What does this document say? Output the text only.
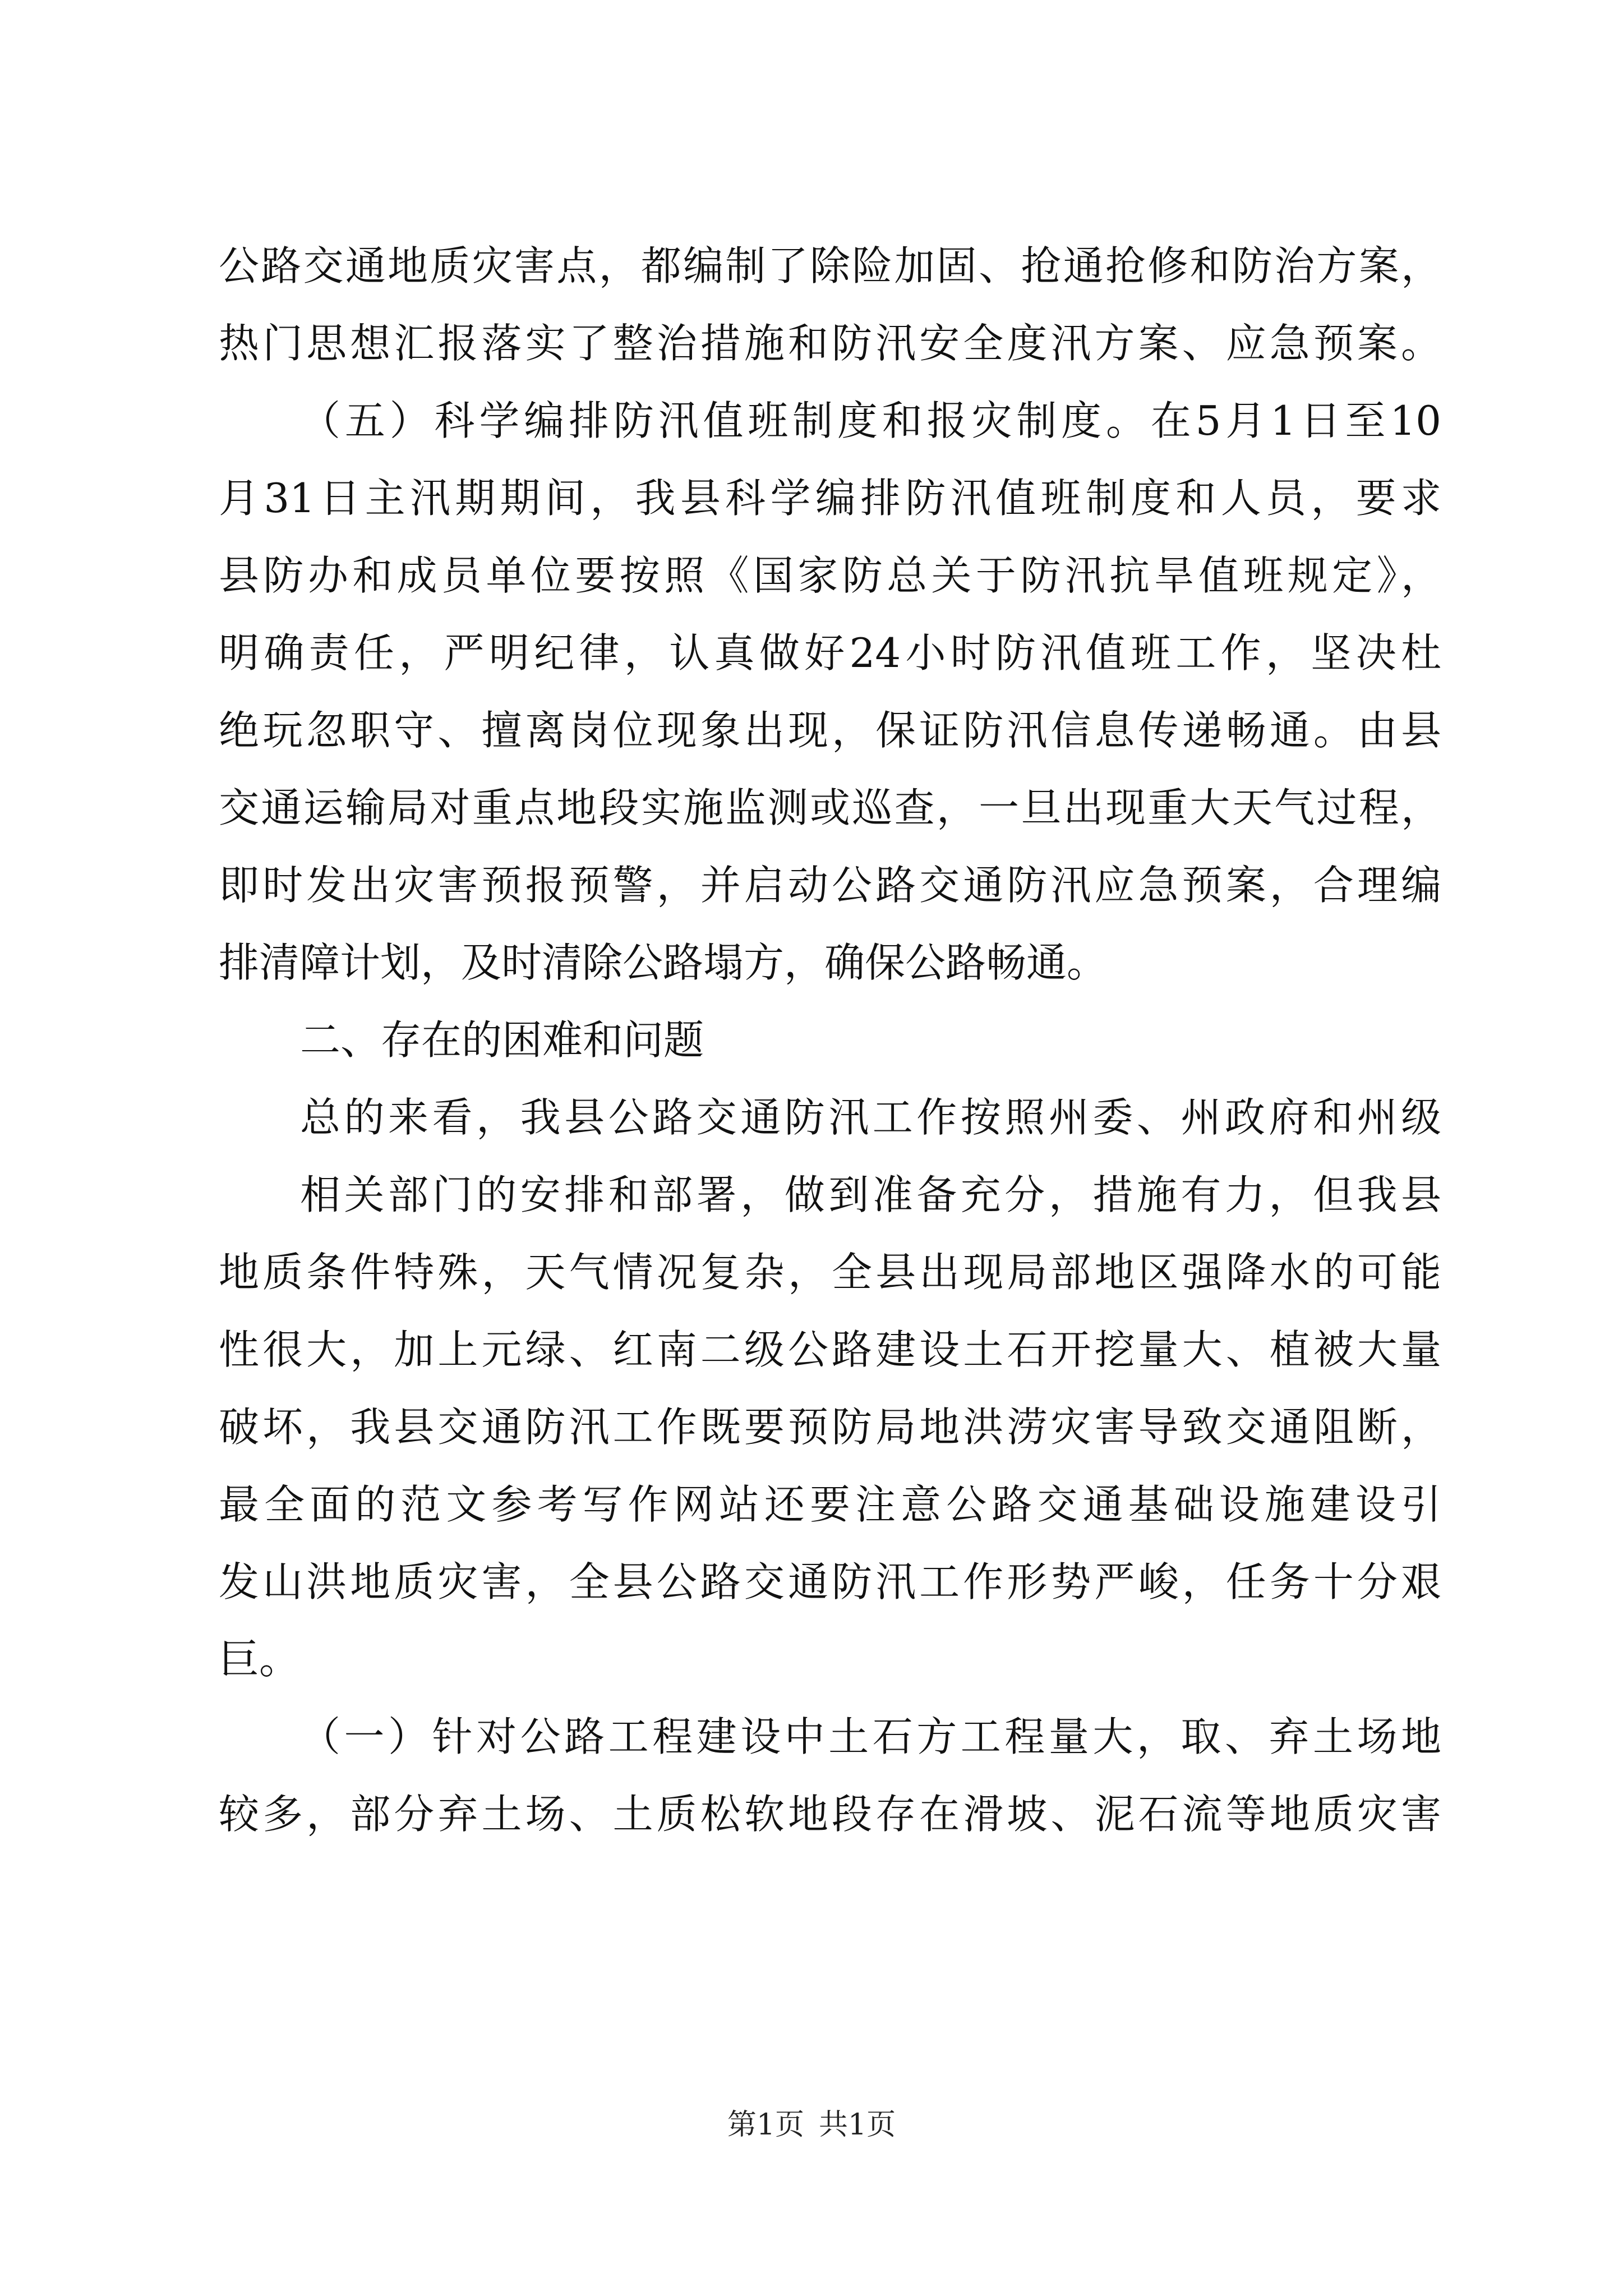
公路交通地质灾害点，都编制了除险加固、抢通抢修和防治方案，
热门思想汇报落实了整治措施和防汛安全度汛方案、应急预案。
（五）科学编排防汛值班制度和报灾制度。在5月1日至10
月31日主汛期期间，我县科学编排防汛值班制度和人员，要求
县防办和成员单位要按照《国家防总关于防汛抗旱值班规定》，
明确责任，严明纪律，认真做好24小时防汛值班工作，坚决杜
绝玩忽职守、擅离岗位现象出现，保证防汛信息传递畅通。由县
交通运输局对重点地段实施监测或巡查，一旦出现重大天气过程，
即时发出灾害预报预警，并启动公路交通防汛应急预案，合理编
排清障计划，及时清除公路塌方，确保公路畅通。
二、存在的困难和问题
总的来看，我县公路交通防汛工作按照州委、州政府和州级
相关部门的安排和部署，做到准备充分，措施有力，但我县
地质条件特殊，天气情况复杂，全县出现局部地区强降水的可能
性很大，加上元绿、红南二级公路建设土石开挖量大、植被大量
破坏，我县交通防汛工作既要预防局地洪涝灾害导致交通阻断，
最全面的范文参考写作网站还要注意公路交通基础设施建设引
发山洪地质灾害，全县公路交通防汛工作形势严峻，任务十分艰
巨。
（一）针对公路工程建设中土石方工程量大，取、弃土场地
较多，部分弃土场、土质松软地段存在滑坡、泥石流等地质灾害
第1页 共1页
